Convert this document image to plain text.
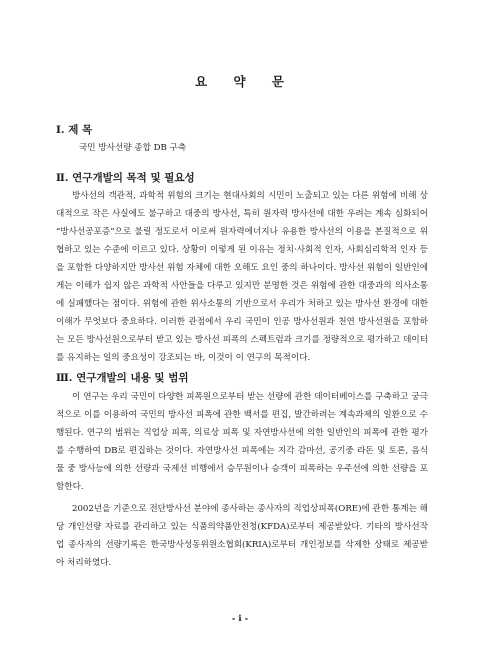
요 약 문
Ⅰ. 제 목
국민 방사선량 종합 DB 구축
Ⅱ. 연구개발의 목적 및 필요성

방사선의 객관적, 과학적 위험의 크기는 현대사회의 시민이 노출되고 있는 다른 위험에 비해 상대적으로 작은 사실에도 불구하고 대중의 방사선, 특히 원자력 방사선에 대한 우려는 계속 심화되어 “방사선공포증”으로 불릴 정도로서 이로써 원자력에너지나 유용한 방사선의 이용을 본질적으로 위협하고 있는 수준에 이르고 있다. 상황이 이렇게 된 이유는 정치·사회적 인자, 사회심리학적 인자 등을 포함한 다양하지만 방사선 위험 자체에 대한 오해도 요인 중의 하나이다. 방사선 위험이 일반인에게는 이해가 쉽지 않은 과학적 사안들을 다루고 있지만 분명한 것은 위험에 관한 대중과의 의사소통에 실패했다는 점이다. 위험에 관한 위사소통의 기반으로서 우리가 처하고 있는 방사선 환경에 대한 이해가 무엇보다 중요하다. 이러한 관점에서 우리 국민이 인공 방사선원과 천연 방사선원을 포함하는 모든 방사선원으로부터 받고 있는 방사선 피폭의 스펙트럼과 크기를 정량적으로 평가하고 데이터를 유지하는 일의 중요성이 강조되는 바, 이것이 이 연구의 목적이다.

Ⅲ. 연구개발의 내용 및 범위

이 연구는 우리 국민이 다양한 피폭원으로부터 받는 선량에 관한 데이터베이스를 구축하고 궁극적으로 이를 이용하여 국민의 방사선 피폭에 관한 백서를 편집, 발간하려는 계속과제의 일환으로 수행된다. 연구의 범위는 직업상 피폭, 의료상 피폭 및 자연방사선에 의한 일반인의 피폭에 관한 평가를 수행하여 DB로 편집하는 것이다. 자연방사선 피폭에는 지각 감마선, 공기중 라돈 및 토론, 음식물 중 방사능에 의한 선량과 국제선 비행에서 승무원이나 승객이 피폭하는 우주선에 의한 선량을 포함한다.

2002년을 기준으로 전단방사선 분야에 종사하는 종사자의 직업상피폭(ORE)에 관한 통계는 해당 개인선량 자료를 관리하고 있는 식품의약품안전청(KFDA)로부터 제공받았다. 기타의 방사선작업 종사자의 선량기록은 한국방사성동위원소협회(KRIA)로부터 개인정보를 삭제한 상태로 제공받아 처리하였다.

- i -
